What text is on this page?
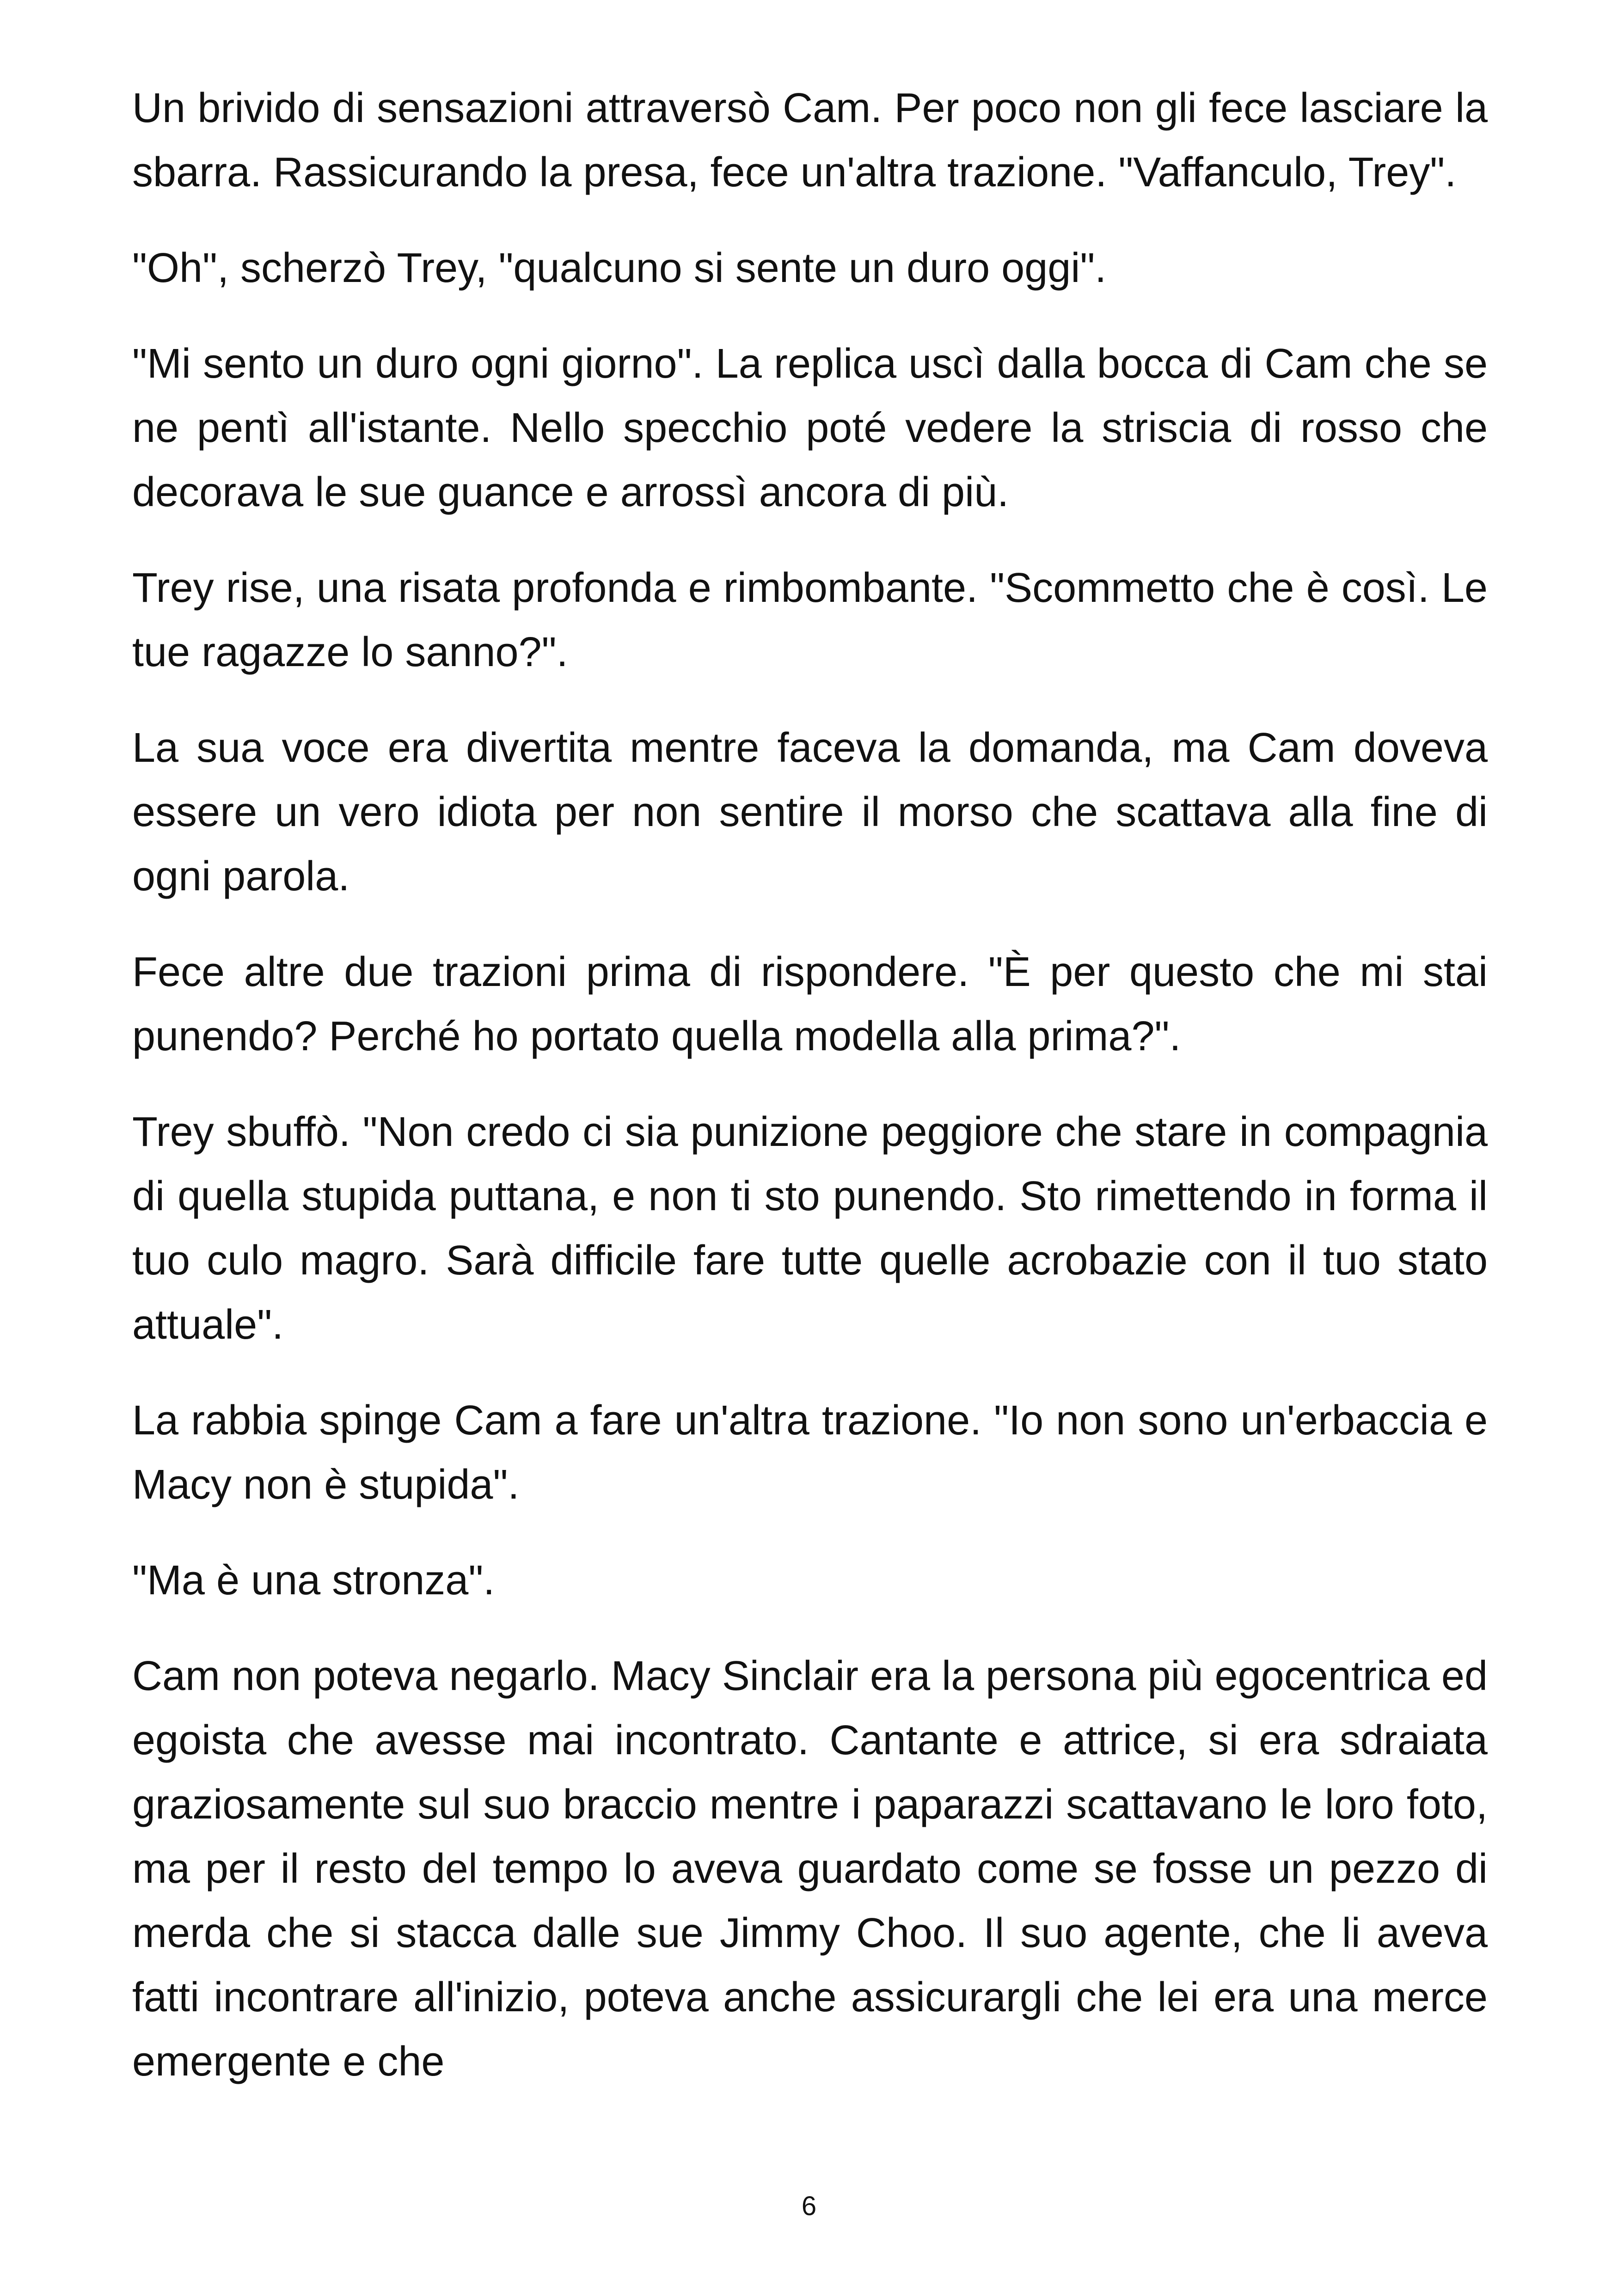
Un brivido di sensazioni attraversò Cam. Per poco non gli fece lasciare la sbarra. Rassicurando la presa, fece un'altra trazione. "Vaffanculo, Trey".

"Oh", scherzò Trey, "qualcuno si sente un duro oggi".

"Mi sento un duro ogni giorno". La replica uscì dalla bocca di Cam che se ne pentì all'istante. Nello specchio poté vedere la striscia di rosso che decorava le sue guance e arrossì ancora di più.

Trey rise, una risata profonda e rimbombante. "Scommetto che è così. Le tue ragazze lo sanno?".

La sua voce era divertita mentre faceva la domanda, ma Cam doveva essere un vero idiota per non sentire il morso che scattava alla fine di ogni parola.

Fece altre due trazioni prima di rispondere. "È per questo che mi stai punendo? Perché ho portato quella modella alla prima?".

Trey sbuffò. "Non credo ci sia punizione peggiore che stare in compagnia di quella stupida puttana, e non ti sto punendo. Sto rimettendo in forma il tuo culo magro. Sarà difficile fare tutte quelle acrobazie con il tuo stato attuale".

La rabbia spinge Cam a fare un'altra trazione. "Io non sono un'erbaccia e Macy non è stupida".

"Ma è una stronza".

Cam non poteva negarlo. Macy Sinclair era la persona più egocentrica ed egoista che avesse mai incontrato. Cantante e attrice, si era sdraiata graziosamente sul suo braccio mentre i paparazzi scattavano le loro foto, ma per il resto del tempo lo aveva guardato come se fosse un pezzo di merda che si stacca dalle sue Jimmy Choo. Il suo agente, che li aveva fatti incontrare all'inizio, poteva anche assicurargli che lei era una merce emergente e che

6
